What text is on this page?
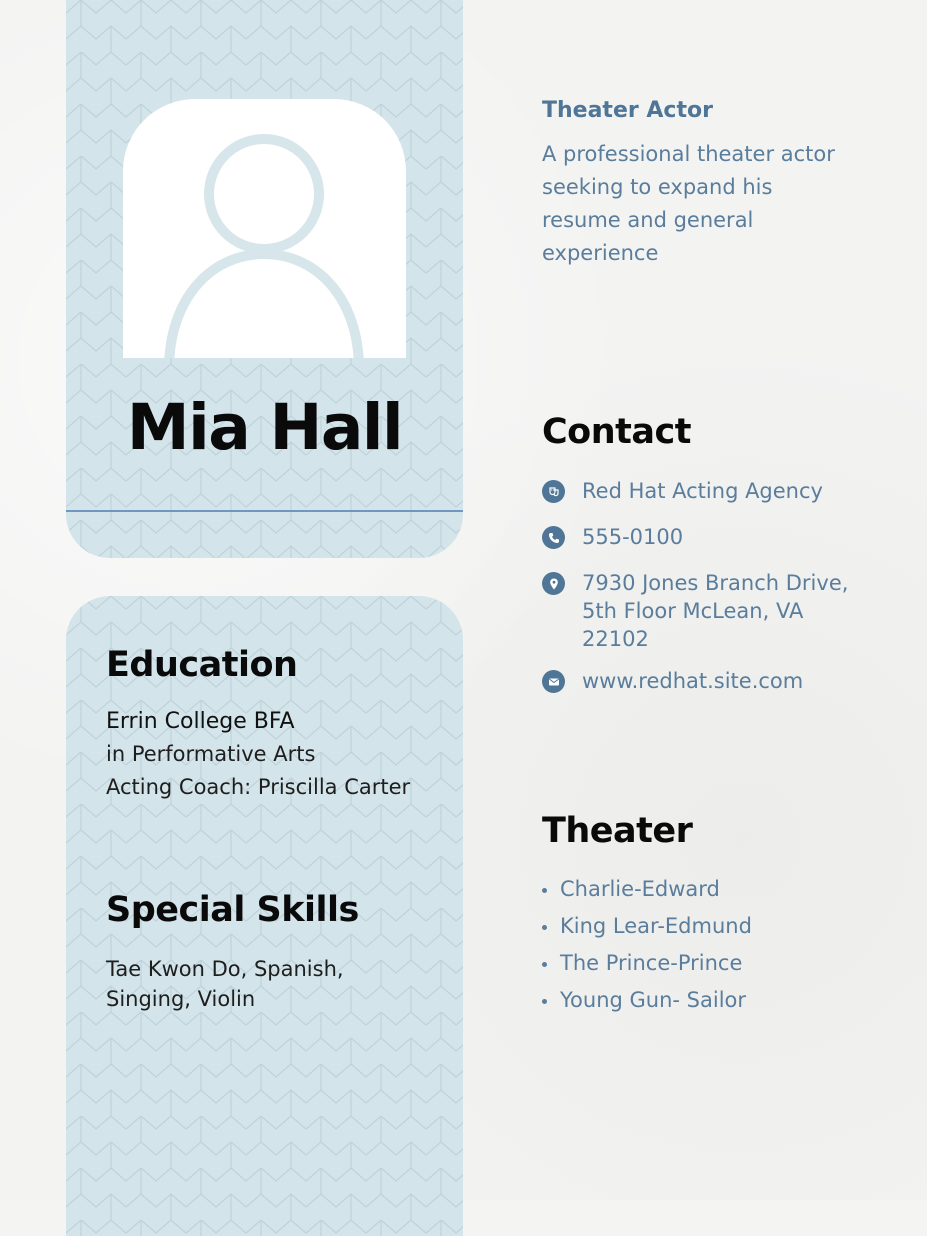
Mia Hall
Education
Errin College BFA
in Performative Arts
Acting Coach: Priscilla Carter
Special Skills

Tae Kwon Do, Spanish, Singing, Violin

Theater Actor

A professional theater actor seeking to expand his resume and general experience

Contact
Red Hat Acting Agency
555-0100
7930 Jones Branch Drive, 5th Floor McLean, VA 22102
www.redhat.site.com
Theater
Charlie-Edward
King Lear-Edmund
The Prince-Prince
Young Gun- Sailor
